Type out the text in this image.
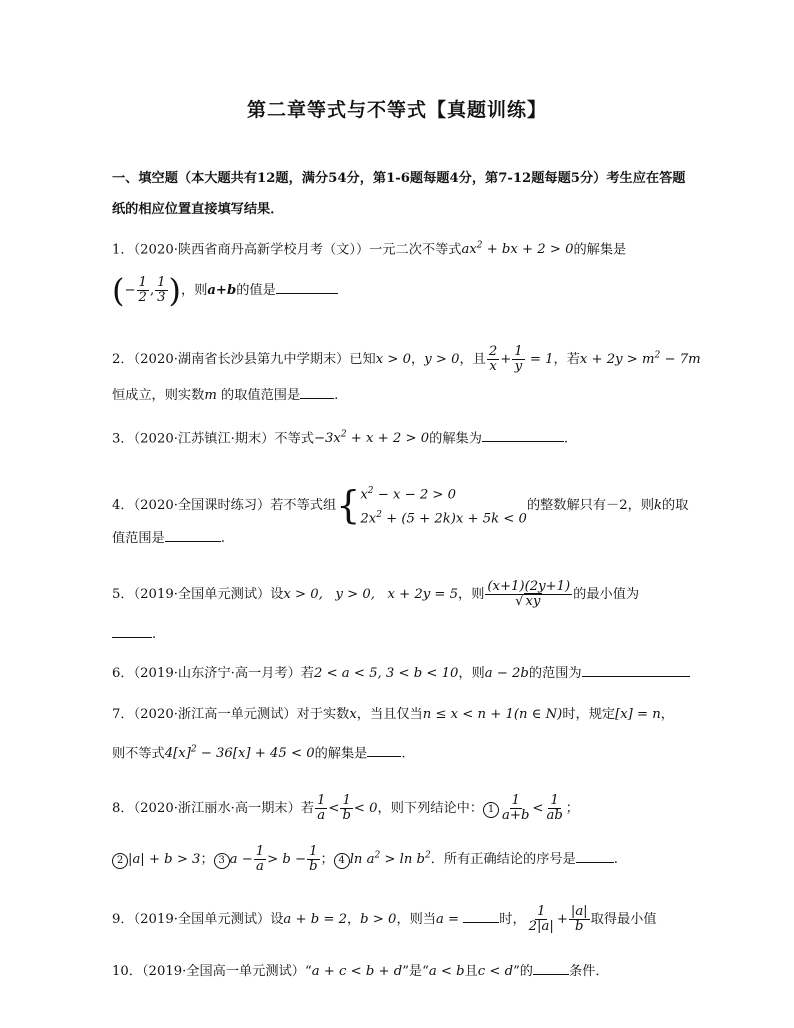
第二章等式与不等式【真题训练】
一、填空题（本大题共有12题，满分54分，第1-6题每题4分，第7-12题每题5分）考生应在答题纸的相应位置直接填写结果．
1．（2020·陕西省商丹高新学校月考（文））一元二次不等式$ax^2$ + bx + 2 > 0的解集是
(− $\frac{1}{2}$ , $\frac{1}{3}$ )，则a+b的值是
2．（2020·湖南省长沙县第九中学期末）已知x > 0，y > 0，且 $\frac{2}{x} + \frac{1}{y} = 1$，若$x + 2y > m^2 - 7m$
恒成立，则实数m 的取值范围是	.
3．（2020·江苏镇江·期末）不等式$-3x^2 + x + 2 > 0$的解集为	.
4．（2020·全国课时练习）若不等式组{ $x^2 - x - 2 > 0$
$2x^2 + (5 + 2k)x + 5k < 0$
的整数解只有－2，则k的取
值范围是	.
5．（2019·全国单元测试）设x > 0,   y > 0,   x + 2y = 5，则 $\frac{(x+1)(2y+1)}{√ xy}$ 的最小值为
.
6．（2019·山东济宁·高一月考）若2 < a < 5, 3 < b < 10，则a − 2b的范围为
7．（2020·浙江高一单元测试）对于实数x，当且仅当n ≤ x < n + 1(n ∈ N)时，规定[x] = n，
则不等式$4[x]^2 - 36[x] + 45 < 0$的解集是	.
8．（2020·浙江丽水·高一期末）若 $\frac{1}{a} < \frac{1}{b} < 0$，则下列结论中： $1 \frac{1}{a+b} < \frac{1}{ab}$ ；
2 |a| + b > 3； 3 $a - \frac{1}{a} > b - \frac{1}{b}$ ； 4 $\ln a^2 > \ln b^2$．所有正确结论的序号是	.
9．（2019·全国单元测试）设a + b = 2，b > 0，则当a =	时， $\frac{1}{2|a|} + \frac{|a|}{b}$ 取得最小值
10．（2019·全国高一单元测试）“a + c < b + d”是“a < b且c < d”的	条件．
